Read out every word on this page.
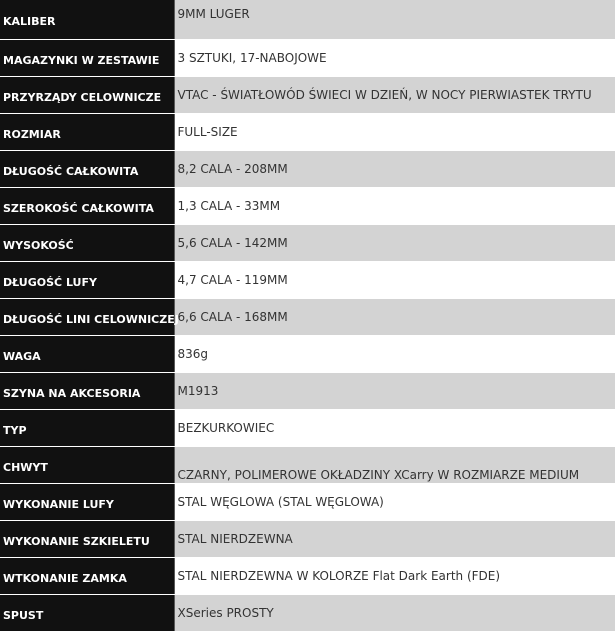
KALIBER	9MM LUGER
MAGAZYNKI W ZESTAWIE	3 SZTUKI, 17-NABOJOWE
PRZYRZĄDY CELOWNICZE	VTAC - ŚWIATŁOWÓD ŚWIECI W DZIEŃ, W NOCY PIERWIASTEK TRYTU
ROZMIAR	FULL-SIZE
DŁUGOŚĆ CAŁKOWITA	8,2 CALA - 208MM
SZEROKOŚĆ CAŁKOWITA	1,3 CALA - 33MM
WYSOKOŚĆ	5,6 CALA - 142MM
DŁUGOŚĆ LUFY	4,7 CALA - 119MM
DŁUGOŚĆ LINI CELOWNICZEJ	6,6 CALA - 168MM
WAGA	836g
SZYNA NA AKCESORIA	M1913
TYP	BEZKURKOWIEC
CHWYT	CZARNY, POLIMEROWE OKŁADZINY XCarry W ROZMIARZE MEDIUM
WYKONANIE LUFY	STAL WĘGLOWA (STAL WĘGLOWA)
WYKONANIE SZKIELETU	STAL NIERDZEWNA
WTKONANIE ZAMKA	STAL NIERDZEWNA W KOLORZE Flat Dark Earth (FDE)
SPUST	XSeries PROSTY
